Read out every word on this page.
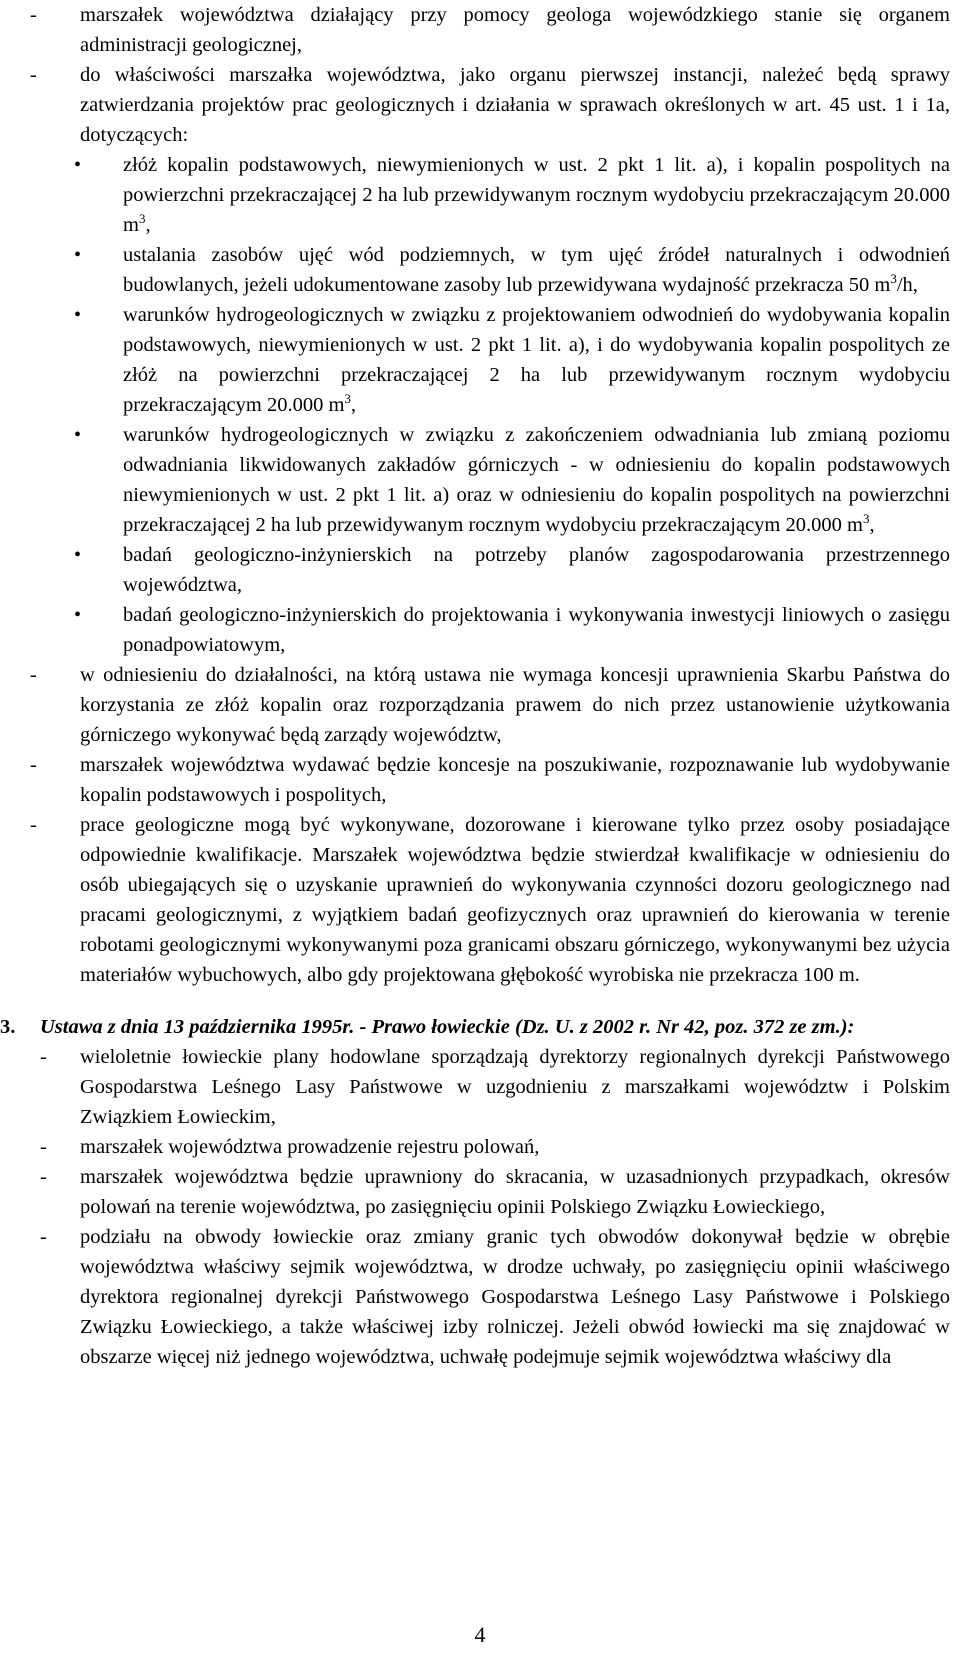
- marszałek województwa działający przy pomocy geologa wojewódzkiego stanie się organem administracji geologicznej,
- do właściwości marszałka województwa, jako organu pierwszej instancji, należeć będą sprawy zatwierdzania projektów prac geologicznych i działania w sprawach określonych w art. 45 ust. 1 i 1a, dotyczących:
• złóż kopalin podstawowych, niewymienionych w ust. 2 pkt 1 lit. a), i kopalin pospolitych na powierzchni przekraczającej 2 ha lub przewidywanym rocznym wydobyciu przekraczającym 20.000 $m^3$,
• ustalania zasobów ujęć wód podziemnych, w tym ujęć źródeł naturalnych i odwodnień budowlanych, jeżeli udokumentowane zasoby lub przewidywana wydajność przekracza 50 $m^3/h$,
• warunków hydrogeologicznych w związku z projektowaniem odwodnień do wydobywania kopalin podstawowych, niewymienionych w ust. 2 pkt 1 lit. a), i do wydobywania kopalin pospolitych ze złóż na powierzchni przekraczającej 2 ha lub przewidywanym rocznym wydobyciu przekraczającym 20.000 $m^3$,
• warunków hydrogeologicznych w związku z zakończeniem odwadniania lub zmianą poziomu odwadniania likwidowanych zakładów górniczych - w odniesieniu do kopalin podstawowych niewymienionych w ust. 2 pkt 1 lit. a) oraz w odniesieniu do kopalin pospolitych na powierzchni przekraczającej 2 ha lub przewidywanym rocznym wydobyciu przekraczającym 20.000 $m^3$,
• badań geologiczno-inżynierskich na potrzeby planów zagospodarowania przestrzennego województwa,
• badań geologiczno-inżynierskich do projektowania i wykonywania inwestycji liniowych o zasięgu ponadpowiatowym,
- w odniesieniu do działalności, na którą ustawa nie wymaga koncesji uprawnienia Skarbu Państwa do korzystania ze złóż kopalin oraz rozporządzania prawem do nich przez ustanowienie użytkowania górniczego wykonywać będą zarządy województw,
- marszałek województwa wydawać będzie koncesje na poszukiwanie, rozpoznawanie lub wydobywanie kopalin podstawowych i pospolitych,
- prace geologiczne mogą być wykonywane, dozorowane i kierowane tylko przez osoby posiadające odpowiednie kwalifikacje. Marszałek województwa będzie stwierdzał kwalifikacje w odniesieniu do osób ubiegających się o uzyskanie uprawnień do wykonywania czynności dozoru geologicznego nad pracami geologicznymi, z wyjątkiem badań geofizycznych oraz uprawnień do kierowania w terenie robotami geologicznymi wykonywanymi poza granicami obszaru górniczego, wykonywanymi bez użycia materiałów wybuchowych, albo gdy projektowana głębokość wyrobiska nie przekracza 100 m.
3. Ustawa z dnia 13 października 1995r. - Prawo łowieckie (Dz. U. z 2002 r. Nr 42, poz. 372 ze zm.):
- wieloletnie łowieckie plany hodowlane sporządzają dyrektorzy regionalnych dyrekcji Państwowego Gospodarstwa Leśnego Lasy Państwowe w uzgodnieniu z marszałkami województw i Polskim Związkiem Łowieckim,
- marszałek województwa prowadzenie rejestru polowań,
- marszałek województwa będzie uprawniony do skracania, w uzasadnionych przypadkach, okresów polowań na terenie województwa, po zasięgnięciu opinii Polskiego Związku Łowieckiego,
- podziału na obwody łowieckie oraz zmiany granic tych obwodów dokonywał będzie w obrębie województwa właściwy sejmik województwa, w drodze uchwały, po zasięgnięciu opinii właściwego dyrektora regionalnej dyrekcji Państwowego Gospodarstwa Leśnego Lasy Państwowe i Polskiego Związku Łowieckiego, a także właściwej izby rolniczej. Jeżeli obwód łowiecki ma się znajdować w obszarze więcej niż jednego województwa, uchwałę podejmuje sejmik województwa właściwy dla
4
